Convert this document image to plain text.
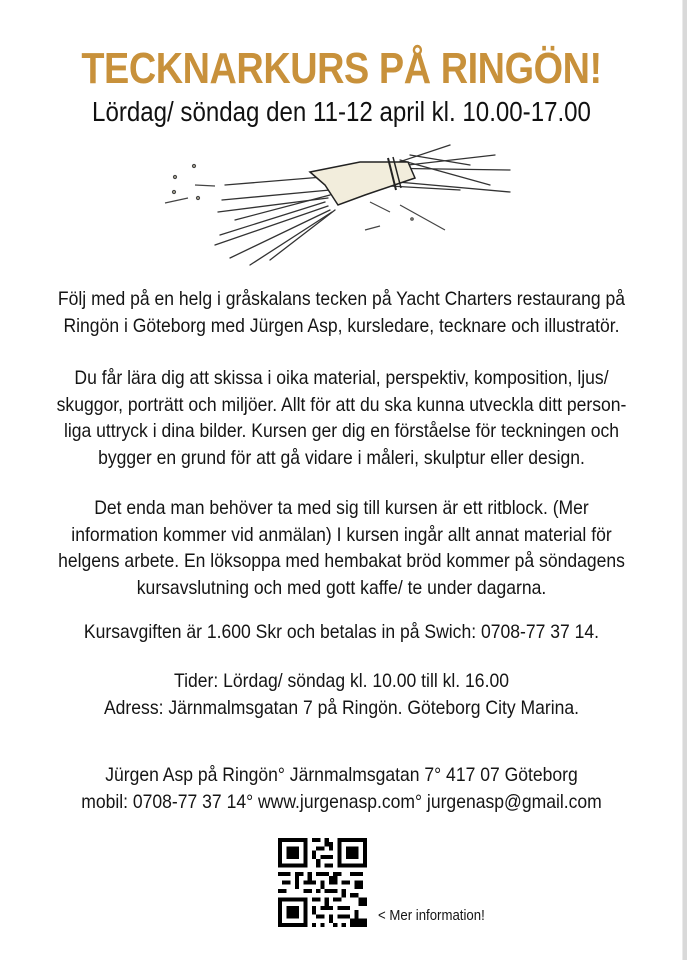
TECKNARKURS PÅ RINGÖN!
Lördag/ söndag den 11-12 april kl. 10.00-17.00
Följ med på en helg i gråskalans tecken på Yacht Charters restaurang på
Ringön i Göteborg med Jürgen Asp, kursledare, tecknare och illustratör.
Du får lära dig att skissa i oika material, perspektiv, komposition, ljus/
skuggor, porträtt och miljöer. Allt för att du ska kunna utveckla ditt person-
liga uttryck i dina bilder. Kursen ger dig en förståelse för teckningen och
bygger en grund för att gå vidare i måleri, skulptur eller design.
Det enda man behöver ta med sig till kursen är ett ritblock. (Mer
information kommer vid anmälan) I kursen ingår allt annat material för
helgens arbete. En löksoppa med hembakat bröd kommer på söndagens
kursavslutning och med gott kaffe/ te under dagarna.
Kursavgiften är 1.600 Skr och betalas in på Swich: 0708-77 37 14.
Tider: Lördag/ söndag kl. 10.00 till kl. 16.00
Adress: Järnmalmsgatan 7 på Ringön. Göteborg City Marina.
Jürgen Asp på Ringön° Järnmalmsgatan 7° 417 07 Göteborg
mobil: 0708-77 37 14° www.jurgenasp.com° jurgenasp@gmail.com
< Mer information!
